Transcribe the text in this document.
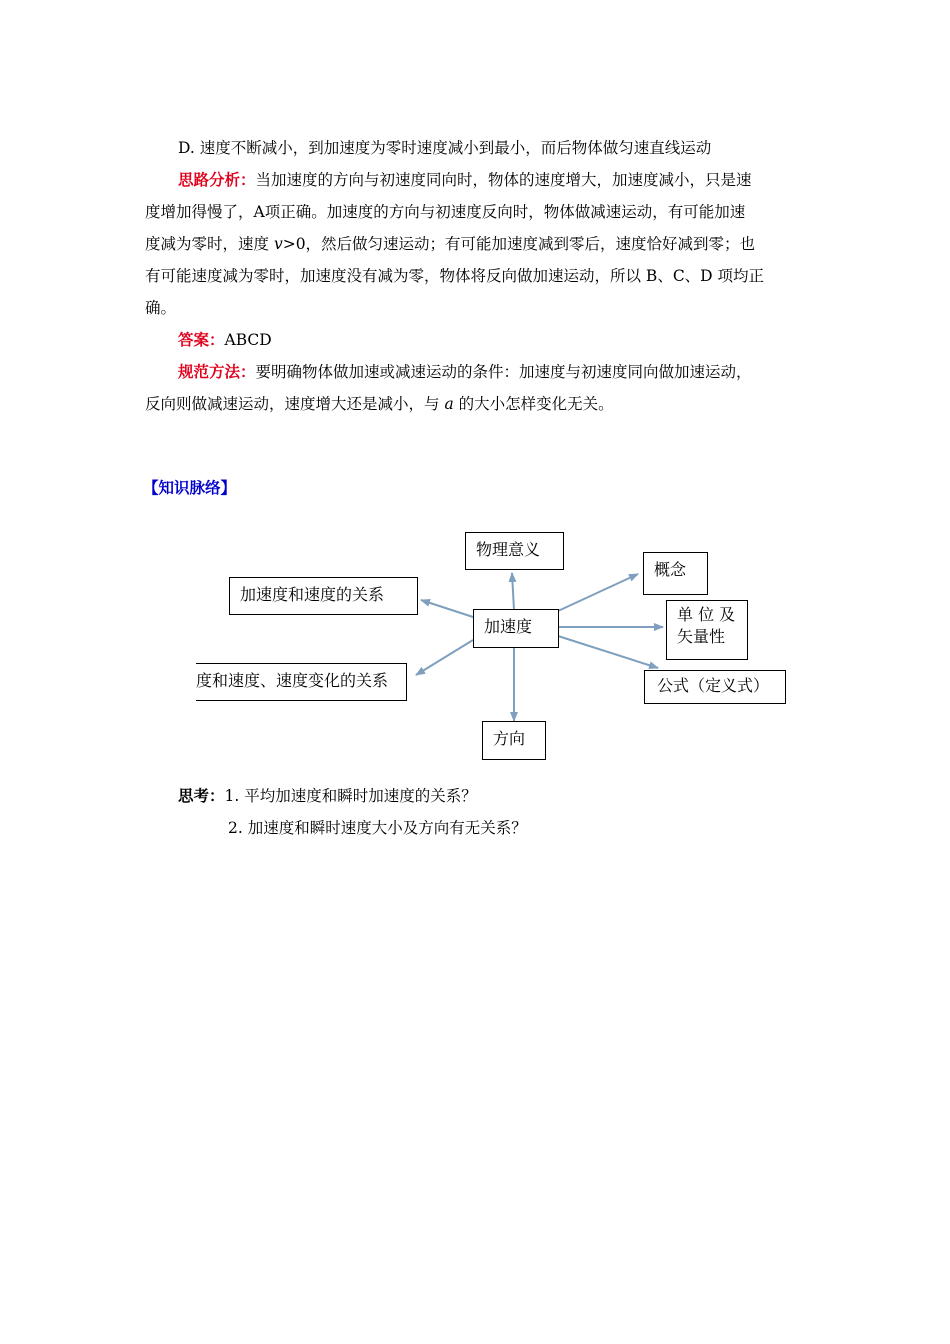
D. 速度不断减小，到加速度为零时速度减小到最小，而后物体做匀速直线运动
思路分析：当加速度的方向与初速度同向时，物体的速度增大，加速度减小，只是速
度增加得慢了，A项正确。加速度的方向与初速度反向时，物体做减速运动，有可能加速
度减为零时，速度 v>0，然后做匀速运动；有可能加速度减到零后，速度恰好减到零；也
有可能速度减为零时，加速度没有减为零，物体将反向做加速运动，所以 B、C、D 项均正
确。
答案：ABCD
规范方法：要明确物体做加速或减速运动的条件：加速度与初速度同向做加速运动，
反向则做减速运动，速度增大还是减小，与 a 的大小怎样变化无关。
【知识脉络】
物理意义
概念
加速度和速度的关系
单 位 及
矢量性
加速度
度和速度、速度变化的关系	公式（定义式）
方向
思考：1. 平均加速度和瞬时加速度的关系？
2. 加速度和瞬时速度大小及方向有无关系？
